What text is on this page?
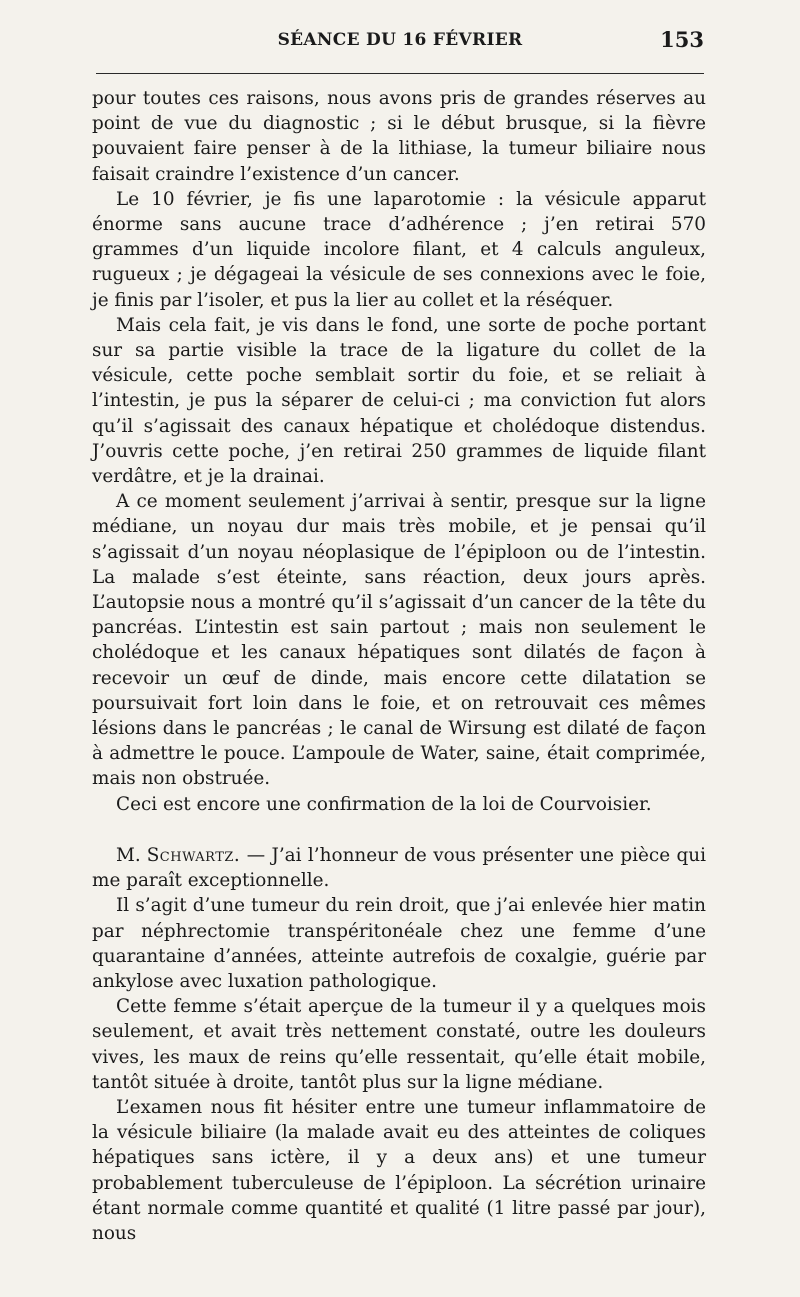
SÉANCE DU 16 FÉVRIER	153

pour toutes ces raisons, nous avons pris de grandes réserves au point de vue du diagnostic ; si le début brusque, si la fièvre pouvaient faire penser à de la lithiase, la tumeur biliaire nous faisait craindre l’existence d’un cancer.

Le 10 février, je fis une laparotomie : la vésicule apparut énorme sans aucune trace d’adhérence ; j’en retirai 570 grammes d’un liquide incolore filant, et 4 calculs anguleux, rugueux ; je dégageai la vésicule de ses connexions avec le foie, je finis par l’isoler, et pus la lier au collet et la réséquer.

Mais cela fait, je vis dans le fond, une sorte de poche portant sur sa partie visible la trace de la ligature du collet de la vésicule, cette poche semblait sortir du foie, et se reliait à l’intestin, je pus la séparer de celui-ci ; ma conviction fut alors qu’il s’agissait des canaux hépatique et cholédoque distendus. J’ouvris cette poche, j’en retirai 250 grammes de liquide filant verdâtre, et je la drainai.

A ce moment seulement j’arrivai à sentir, presque sur la ligne médiane, un noyau dur mais très mobile, et je pensai qu’il s’agissait d’un noyau néoplasique de l’épiploon ou de l’intestin. La malade s’est éteinte, sans réaction, deux jours après. L’autopsie nous a montré qu’il s’agissait d’un cancer de la tête du pancréas. L’intestin est sain partout ; mais non seulement le cholédoque et les canaux hépatiques sont dilatés de façon à recevoir un œuf de dinde, mais encore cette dilatation se poursuivait fort loin dans le foie, et on retrouvait ces mêmes lésions dans le pancréas ; le canal de Wirsung est dilaté de façon à admettre le pouce. L’ampoule de Water, saine, était comprimée, mais non obstruée.

Ceci est encore une confirmation de la loi de Courvoisier.

M. Schwartz. — J’ai l’honneur de vous présenter une pièce qui me paraît exceptionnelle.

Il s’agit d’une tumeur du rein droit, que j’ai enlevée hier matin par néphrectomie transpéritonéale chez une femme d’une quarantaine d’années, atteinte autrefois de coxalgie, guérie par ankylose avec luxation pathologique.

Cette femme s’était aperçue de la tumeur il y a quelques mois seulement, et avait très nettement constaté, outre les douleurs vives, les maux de reins qu’elle ressentait, qu’elle était mobile, tantôt située à droite, tantôt plus sur la ligne médiane.

L’examen nous fit hésiter entre une tumeur inflammatoire de la vésicule biliaire (la malade avait eu des atteintes de coliques hépatiques sans ictère, il y a deux ans) et une tumeur probablement tuberculeuse de l’épiploon. La sécrétion urinaire étant normale comme quantité et qualité (1 litre passé par jour), nous
